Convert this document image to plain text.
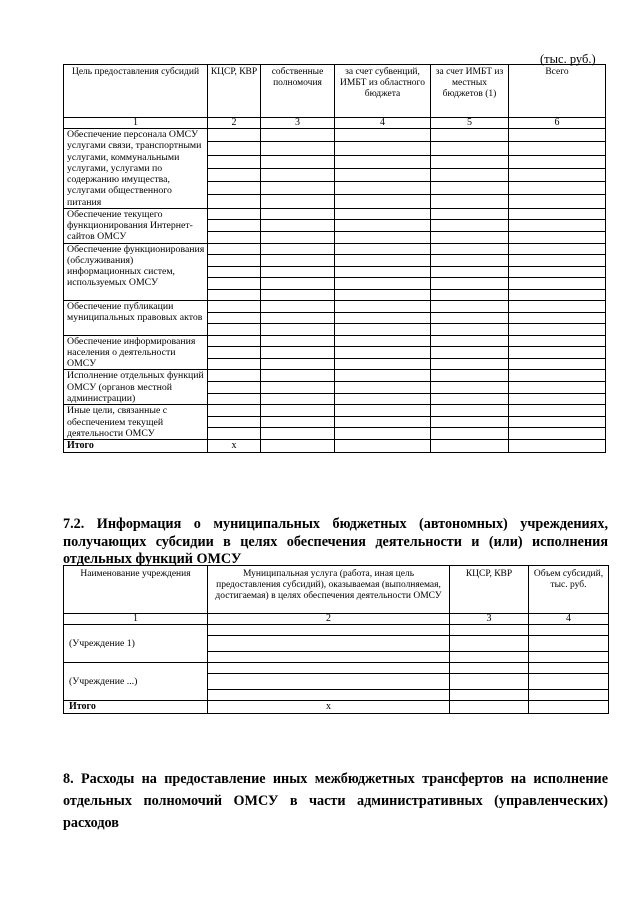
(тыс. руб.)
Цель предоставления субсидий	КЦСР, КВР	собственные полномочия	за счет субвенций, ИМБТ из областного бюджета	за счет ИМБТ из местных бюджетов (1)	Всего
1	2	3	4	5	6
Обеспечение персонала ОМСУ услугами связи, транспортными услугами, коммунальными услугами, услугами по содержанию имущества, услугами общественного питания					

Обеспечение текущего функционирования Интернет-сайтов ОМСУ					

Обеспечение функционирования (обслуживания) информационных систем, используемых ОМСУ					

Обеспечение публикации муниципальных правовых актов					

Обеспечение информирования населения о деятельности ОМСУ					

Исполнение отдельных функций ОМСУ (органов местной администрации)					

Иные цели, связанные с обеспечением текущей деятельности ОМСУ					

Итого	х				
7.2. Информация о муниципальных бюджетных (автономных) учреждениях, получающих субсидии в целях обеспечения деятельности и (или) исполнения отдельных функций ОМСУ
Наименование учреждения	Муниципальная услуга (работа, иная цель предоставления субсидий), оказываемая (выполняемая, достигаемая) в целях обеспечения деятельности ОМСУ	КЦСР, КВР	Объем субсидий, тыс. руб.
1	2	3	4
(Учреждение 1)			

(Учреждение ...)			

Итого	х		
8. Расходы на предоставление иных межбюджетных трансфертов на исполнение отдельных полномочий ОМСУ в части административных (управленческих) расходов
